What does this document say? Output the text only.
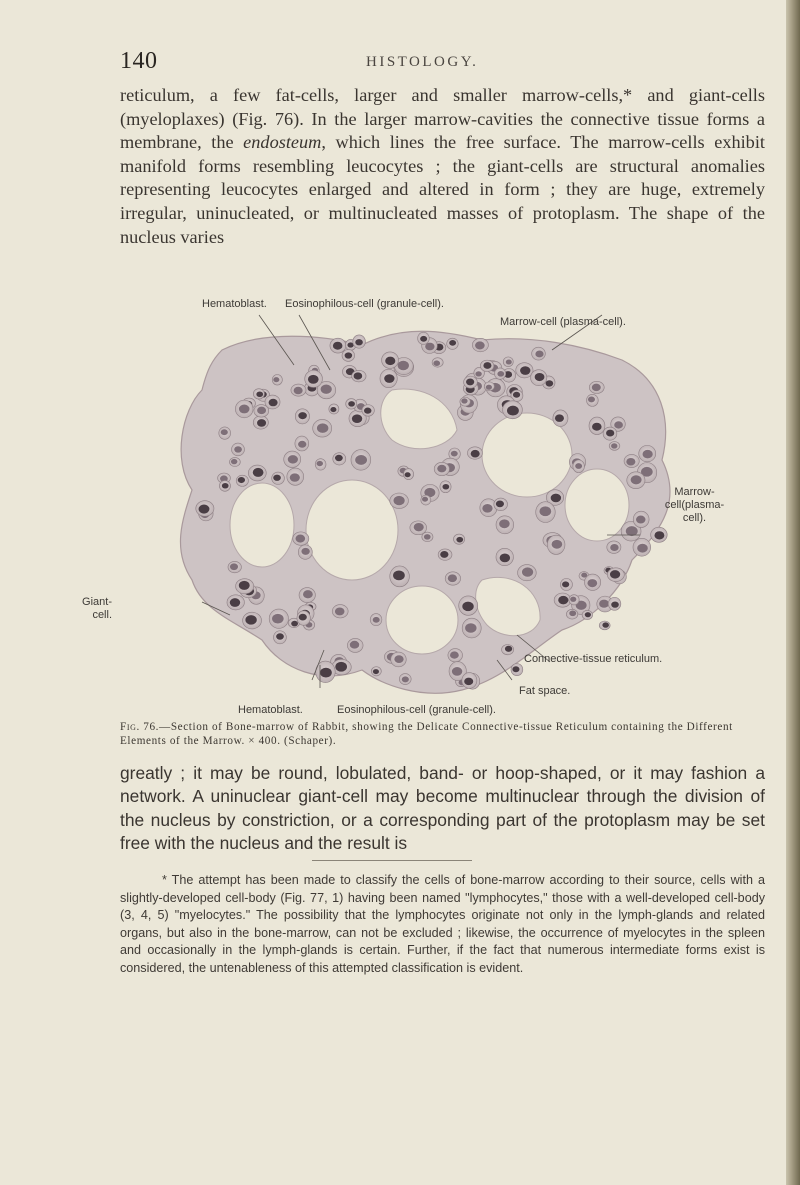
140	HISTOLOGY.
reticulum, a few fat-cells, larger and smaller marrow-cells,* and giant-cells (myeloplaxes) (Fig. 76). In the larger marrow-cavities the connective tissue forms a membrane, the endosteum, which lines the free surface. The marrow-cells exhibit manifold forms resembling leucocytes ; the giant-cells are structural anomalies representing leucocytes enlarged and altered in form ; they are huge, extremely irregular, uninucleated, or multinucleated masses of protoplasm. The shape of the nucleus varies
Hematoblast. Eosinophilous-cell (granule-cell).
Marrow-cell (plasma-cell).
Marrow-
cell(plasma-
cell).
Giant-
cell.
Connective-tissue reticulum.
Fat space.
Hematoblast.	Eosinophilous-cell (granule-cell).
Fig. 76.—Section of Bone-marrow of Rabbit, showing the Delicate Connective-tissue Reticulum containing the Different Elements of the Marrow. × 400. (Schaper).
greatly ; it may be round, lobulated, band- or hoop-shaped, or it may fashion a network. A uninuclear giant-cell may become multinuclear through the division of the nucleus by constriction, or a corresponding part of the protoplasm may be set free with the nucleus and the result is
* The attempt has been made to classify the cells of bone-marrow according to their source, cells with a slightly-developed cell-body (Fig. 77, 1) having been named "lymphocytes," those with a well-developed cell-body (3, 4, 5) "myelocytes." The possibility that the lymphocytes originate not only in the lymph-glands and related organs, but also in the bone-marrow, can not be excluded ; likewise, the occurrence of myelocytes in the spleen and occasionally in the lymph-glands is certain. Further, if the fact that numerous intermediate forms exist is considered, the untenableness of this attempted classification is evident.
